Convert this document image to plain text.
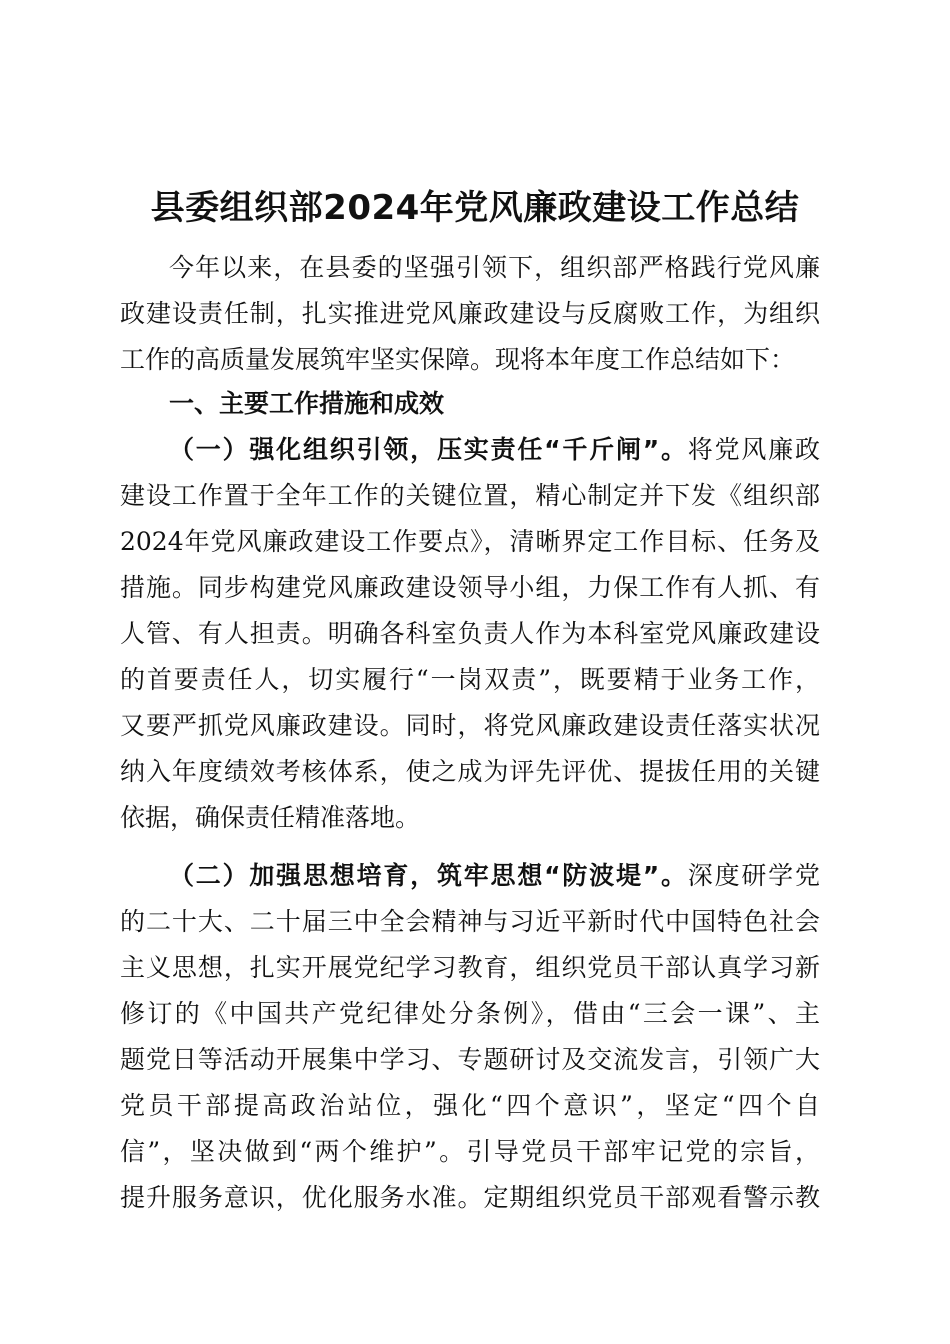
县委组织部2024年党风廉政建设工作总结
今年以来，在县委的坚强引领下，组织部严格践行党风廉
政建设责任制，扎实推进党风廉政建设与反腐败工作，为组织
工作的高质量发展筑牢坚实保障。现将本年度工作总结如下：
一、主要工作措施和成效
（一）强化组织引领，压实责任“千斤闸”。将党风廉政
建设工作置于全年工作的关键位置，精心制定并下发《组织部
2024年党风廉政建设工作要点》，清晰界定工作目标、任务及
措施。同步构建党风廉政建设领导小组，力保工作有人抓、有
人管、有人担责。明确各科室负责人作为本科室党风廉政建设
的首要责任人，切实履行“一岗双责”，既要精于业务工作，
又要严抓党风廉政建设。同时，将党风廉政建设责任落实状况
纳入年度绩效考核体系，使之成为评先评优、提拔任用的关键
依据，确保责任精准落地。
（二）加强思想培育，筑牢思想“防波堤”。深度研学党
的二十大、二十届三中全会精神与习近平新时代中国特色社会
主义思想，扎实开展党纪学习教育，组织党员干部认真学习新
修订的《中国共产党纪律处分条例》，借由“三会一课”、主
题党日等活动开展集中学习、专题研讨及交流发言，引领广大
党员干部提高政治站位，强化“四个意识”，坚定“四个自
信”，坚决做到“两个维护”。引导党员干部牢记党的宗旨，
提升服务意识，优化服务水准。定期组织党员干部观看警示教
